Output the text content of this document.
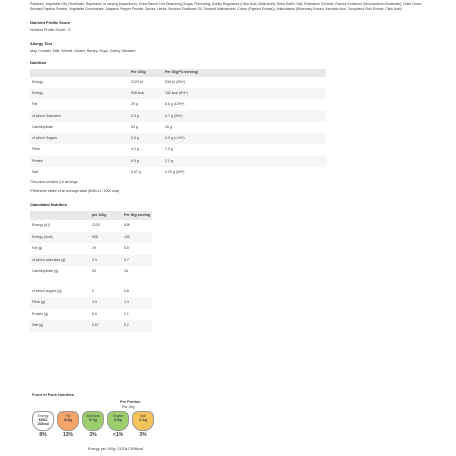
Potatoes, Vegetable Oils (Sunflower, Rapeseed, in varying proportions), Extra Flamin' Hot Seasoning (Sugar, Flavouring, Acidity Regulators (Citric Acid, Malic Acid), Dried Garlic, Salt, Potassium Chloride, Flavour Enhancer (Monosodium Glutamate), Dried Onion, Smoked Paprika Powder, Vegetable Concentrate, Jalapeno Pepper Powder, Spices, Herbs, Smoked Sunflower Oil, Smoked Maltodextrin, Colour (Paprika Extract)), Antioxidants (Rosemary Extract, Ascorbic Acid, Tocopherol Rich Extract, Citric Acid).

Nutrient Profile Score

Nutrient Profile Score: -3

Allergy Text

May Contain: Milk, Wheat, Gluten, Barley, Soya, Celery, Mustard

Nutrition
	Per 100g	Per 30g(*% serving)
Energy	2120 kJ	636 kJ (8%*)
Energy	508 kcal	152 kcal (8%*)
Fat	29 g	8.8 g (13%*)
of which Saturates	2.3 g	0.7 g (3%*)
Carbohydrate	53 g	16 g
of which Sugars	2.9 g	0.9 g (<1%*)
Fibre	4.3 g	1.3 g
Protein	6.9 g	2.1 g
Salt	0.67 g	0.20 g (3%*)

This pack contains 4-6 servings.

*Reference intake of an average adult (8400 kJ / 2000 kcal)

Calculated Nutrition
	per 100g	Per 30g serving
Energy (kJ)	2120	636
Energy (kcal)	508	152
Fat (g)	29	8.8
of which saturates (g)	2.3	0.7
Carbohydrate (g)	53	16

of which sugars (g)	2	0.6
Fibre (g)	4.3	1.3
Protein (g)	6.9	2.1
Salt (g)	0.67	0.2
Front of Pack Nutrition
Per Portion
Per 30g
Energy
636kJ 152kcal
8%
Fat
8.8g
13%
Saturates
0.7g
3%
Sugars
0.6g
<1%
Salt
0.2g
3%
Energy per 100g: 2120kJ 508kcal
